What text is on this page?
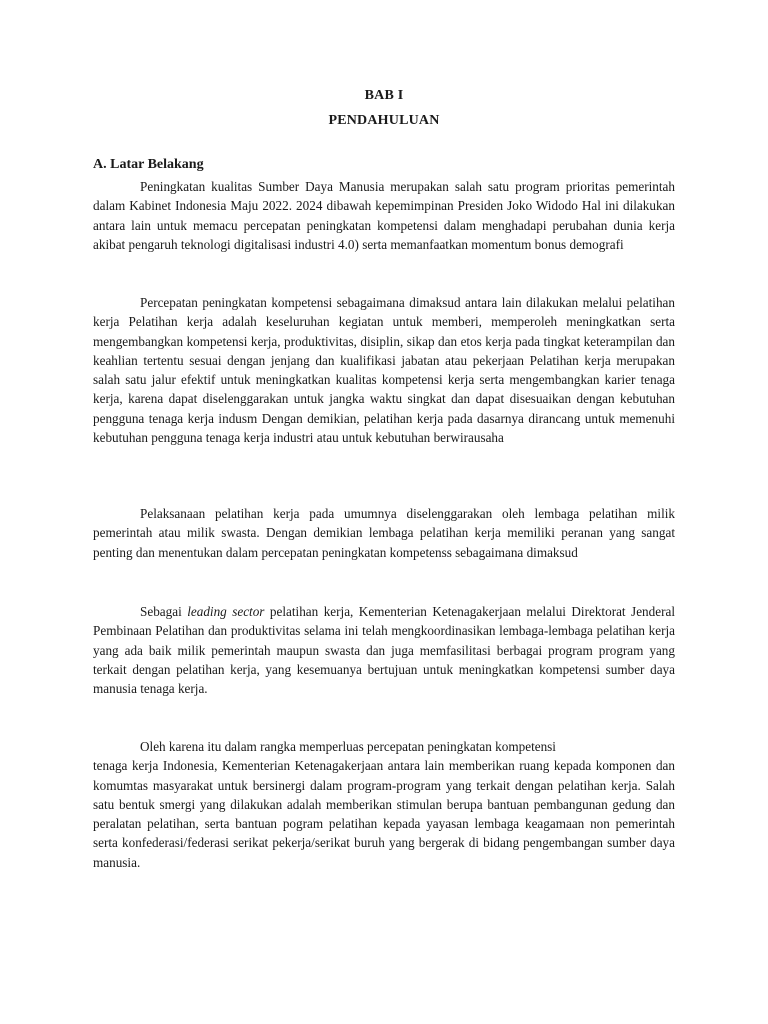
BAB I
PENDAHULUAN
A. Latar Belakang
Peningkatan kualitas Sumber Daya Manusia merupakan salah satu program prioritas pemerintah dalam Kabinet Indonesia Maju 2022. 2024 dibawah kepemimpinan Presiden Joko Widodo Hal ini dilakukan antara lain untuk memacu percepatan peningkatan kompetensi dalam menghadapi perubahan dunia kerja akibat pengaruh teknologi digitalisasi industri 4.0) serta memanfaatkan momentum bonus demografi
Percepatan peningkatan kompetensi sebagaimana dimaksud antara lain dilakukan melalui pelatihan kerja Pelatihan kerja adalah keseluruhan kegiatan untuk memberi, memperoleh meningkatkan serta mengembangkan kompetensi kerja, produktivitas, disiplin, sikap dan etos kerja pada tingkat keterampilan dan keahlian tertentu sesuai dengan jenjang dan kualifikasi jabatan atau pekerjaan Pelatihan kerja merupakan salah satu jalur efektif untuk meningkatkan kualitas kompetensi kerja serta mengembangkan karier tenaga kerja, karena dapat diselenggarakan untuk jangka waktu singkat dan dapat disesuaikan dengan kebutuhan pengguna tenaga kerja indusm Dengan demikian, pelatihan kerja pada dasarnya dirancang untuk memenuhi kebutuhan pengguna tenaga kerja industri atau untuk kebutuhan berwirausaha
Pelaksanaan pelatihan kerja pada umumnya diselenggarakan oleh lembaga pelatihan milik pemerintah atau milik swasta. Dengan demikian lembaga pelatihan kerja memiliki peranan yang sangat penting dan menentukan dalam percepatan peningkatan kompetenss sebagaimana dimaksud
Sebagai leading sector pelatihan kerja, Kementerian Ketenagakerjaan melalui Direktorat Jenderal Pembinaan Pelatihan dan produktivitas selama ini telah mengkoordinasikan lembaga-lembaga pelatihan kerja yang ada baik milik pemerintah maupun swasta dan juga memfasilitasi berbagai program program yang terkait dengan pelatihan kerja, yang kesemuanya bertujuan untuk meningkatkan kompetensi sumber daya manusia tenaga kerja.
Oleh karena itu dalam rangka memperluas percepatan peningkatan kompetensi
tenaga kerja Indonesia, Kementerian Ketenagakerjaan antara lain memberikan ruang kepada komponen dan komumtas masyarakat untuk bersinergi dalam program-program yang terkait dengan pelatihan kerja. Salah satu bentuk smergi yang dilakukan adalah memberikan stimulan berupa bantuan pembangunan gedung dan peralatan pelatihan, serta bantuan pogram pelatihan kepada yayasan lembaga keagamaan non pemerintah serta konfederasi/federasi serikat pekerja/serikat buruh yang bergerak di bidang pengembangan sumber daya manusia.
